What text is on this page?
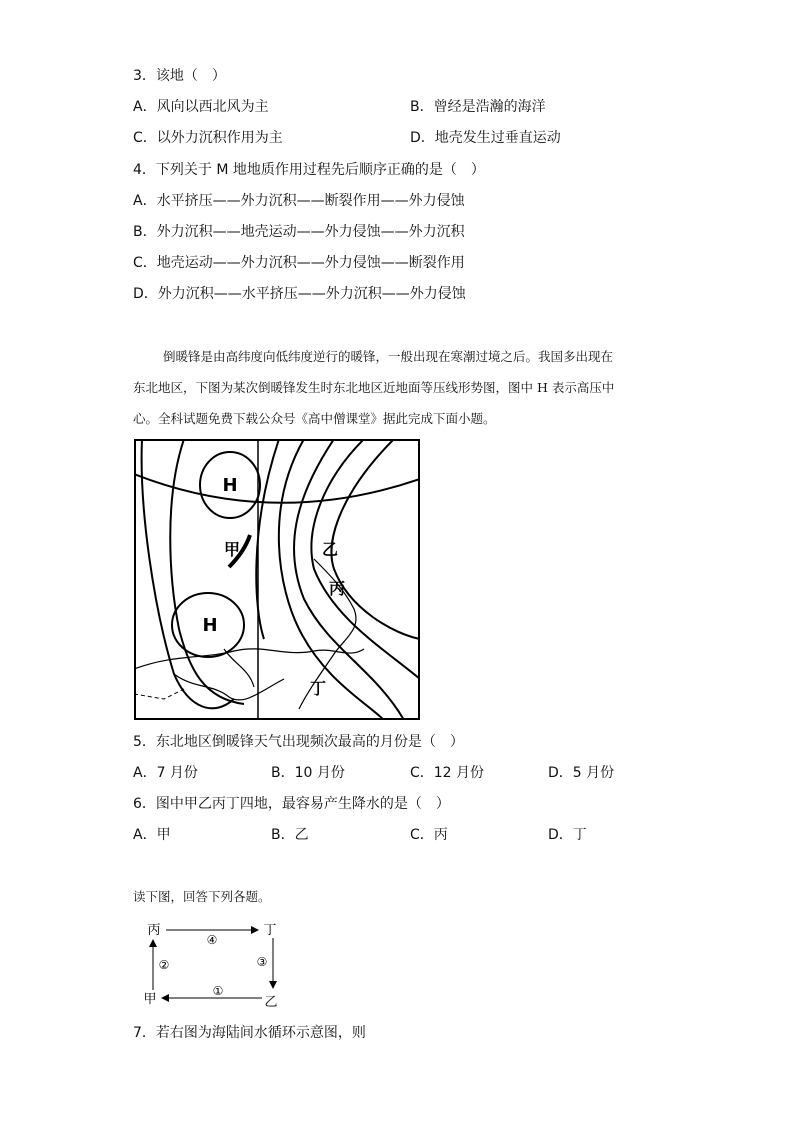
3．该地（　）
A．风向以西北风为主	B．曾经是浩瀚的海洋
C．以外力沉积作用为主	D．地壳发生过垂直运动
4．下列关于 M 地地质作用过程先后顺序正确的是（　）
A．水平挤压——外力沉积——断裂作用——外力侵蚀
B．外力沉积——地壳运动——外力侵蚀——外力沉积
C．地壳运动——外力沉积——外力侵蚀——断裂作用
D．外力沉积——水平挤压——外力沉积——外力侵蚀
倒暖锋是由高纬度向低纬度逆行的暖锋，一般出现在寒潮过境之后。我国多出现在
东北地区，下图为某次倒暖锋发生时东北地区近地面等压线形势图，图中 H 表示高压中
心。全科试题免费下载公众号《高中僧课堂》据此完成下面小题。
H
H
甲	乙
丙
丁
5．东北地区倒暖锋天气出现频次最高的月份是（　）
A．7 月份	B．10 月份	C．12 月份	D．5 月份
6．图中甲乙丙丁四地，最容易产生降水的是（　）
A．甲	B．乙	C．丙	D．丁
读下图，回答下列各题。
丙	丁
甲	乙
④
②	③
①
7．若右图为海陆间水循环示意图，则
